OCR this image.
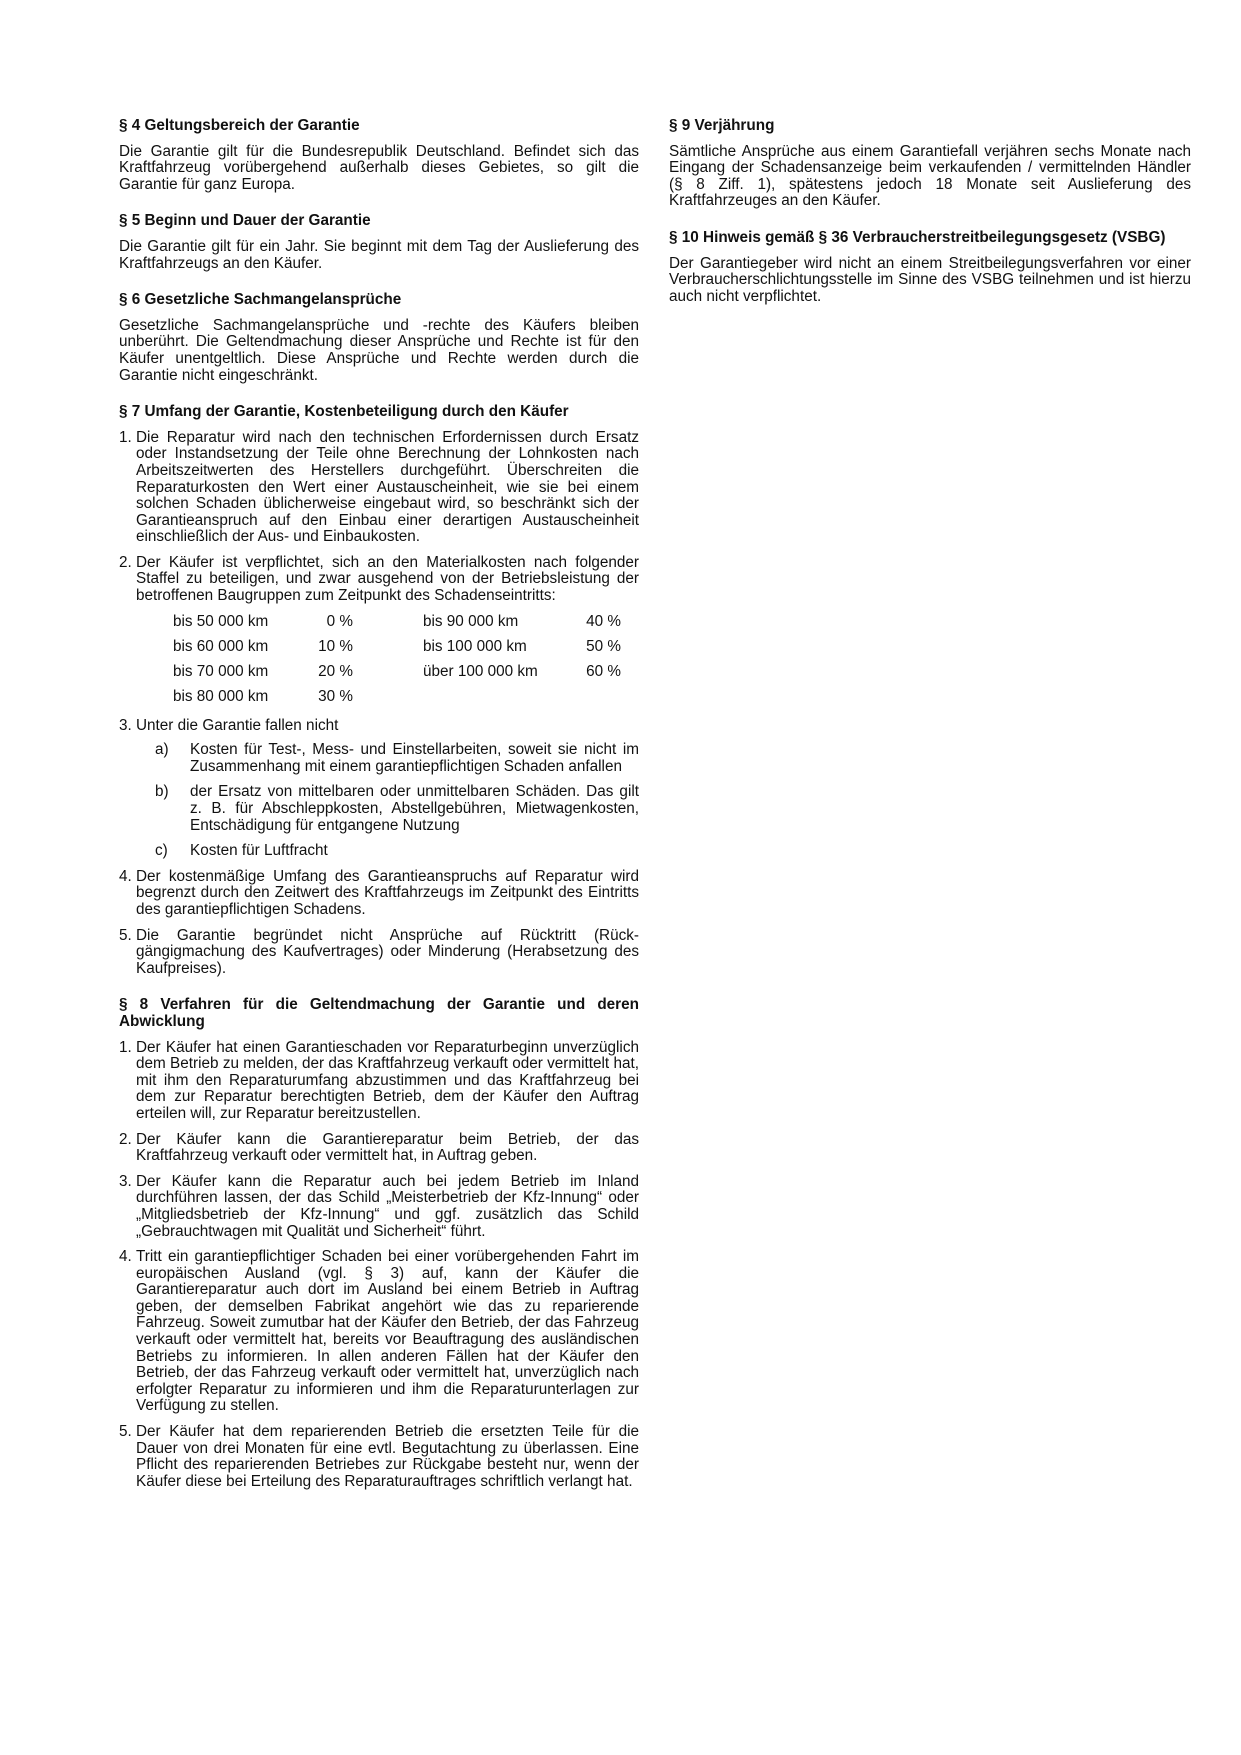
§ 4 Geltungsbereich der Garantie

Die Garantie gilt für die Bundesrepublik Deutschland. Befindet sich das Kraftfahrzeug vorübergehend außerhalb dieses Gebietes, so gilt die Garantie für ganz Europa.

§ 5 Beginn und Dauer der Garantie

Die Garantie gilt für ein Jahr. Sie beginnt mit dem Tag der Auslieferung des Kraftfahrzeugs an den Käufer.

§ 6 Gesetzliche Sachmangelansprüche

Gesetzliche Sachmangelansprüche und -rechte des Käufers bleiben unberührt. Die Geltendmachung dieser Ansprüche und Rechte ist für den Käufer unentgeltlich. Diese Ansprüche und Rechte werden durch die Garantie nicht eingeschränkt.

§ 7 Umfang der Garantie, Kostenbeteiligung durch den Käufer
1. Die Reparatur wird nach den technischen Erfordernissen durch Ersatz oder Instandsetzung der Teile ohne Berechnung der Lohnkosten nach Arbeitszeitwerten des Herstellers durchgeführt. Überschreiten die Reparaturkosten den Wert einer Austauscheinheit, wie sie bei einem solchen Schaden üblicherweise eingebaut wird, so beschränkt sich der Garantieanspruch auf den Einbau einer derartigen Austauscheinheit einschließlich der Aus- und Einbaukosten.
2. Der Käufer ist verpflichtet, sich an den Materialkosten nach folgender Staffel zu beteiligen, und zwar ausgehend von der Betriebsleistung der betroffenen Baugruppen zum Zeitpunkt des Schadenseintritts:
bis 50 000 km	0 %		bis 90 000 km	40 %
bis 60 000 km	10 %		bis 100 000 km	50 %
bis 70 000 km	20 %		über 100 000 km	60 %
bis 80 000 km	30 %			
3. Unter die Garantie fallen nicht
a) Kosten für Test-, Mess- und Einstellarbeiten, soweit sie nicht im Zusammenhang mit einem garantiepflichtigen Schaden anfallen
b) der Ersatz von mittelbaren oder unmittelbaren Schäden. Das gilt z. B. für Abschleppkosten, Abstellgebühren, Mietwagenkosten, Entschädigung für entgangene Nutzung
c) Kosten für Luftfracht
4. Der kostenmäßige Umfang des Garantieanspruchs auf Reparatur wird begrenzt durch den Zeitwert des Kraftfahrzeugs im Zeitpunkt des Eintritts des garantiepflichtigen Schadens.
5. Die Garantie begründet nicht Ansprüche auf Rücktritt (Rückgängigmachung des Kaufvertrages) oder Minderung (Herabsetzung des Kaufpreises).
§ 8 Verfahren für die Geltendmachung der Garantie und deren Abwicklung
1. Der Käufer hat einen Garantieschaden vor Reparaturbeginn unverzüglich dem Betrieb zu melden, der das Kraftfahrzeug verkauft oder vermittelt hat, mit ihm den Reparaturumfang abzustimmen und das Kraftfahrzeug bei dem zur Reparatur berechtigten Betrieb, dem der Käufer den Auftrag erteilen will, zur Reparatur bereitzustellen.
2. Der Käufer kann die Garantiereparatur beim Betrieb, der das Kraftfahrzeug verkauft oder vermittelt hat, in Auftrag geben.
3. Der Käufer kann die Reparatur auch bei jedem Betrieb im Inland durchführen lassen, der das Schild „Meisterbetrieb der Kfz-Innung“ oder „Mitgliedsbetrieb der Kfz-Innung“ und ggf. zusätzlich das Schild „Gebrauchtwagen mit Qualität und Sicherheit“ führt.
4. Tritt ein garantiepflichtiger Schaden bei einer vorübergehenden Fahrt im europäischen Ausland (vgl. § 3) auf, kann der Käufer die Garantiereparatur auch dort im Ausland bei einem Betrieb in Auftrag geben, der demselben Fabrikat angehört wie das zu reparierende Fahrzeug. Soweit zumutbar hat der Käufer den Betrieb, der das Fahrzeug verkauft oder vermittelt hat, bereits vor Beauftragung des ausländischen Betriebs zu informieren. In allen anderen Fällen hat der Käufer den Betrieb, der das Fahrzeug verkauft oder vermittelt hat, unverzüglich nach erfolgter Reparatur zu informieren und ihm die Reparaturunterlagen zur Verfügung zu stellen.
5. Der Käufer hat dem reparierenden Betrieb die ersetzten Teile für die Dauer von drei Monaten für eine evtl. Begutachtung zu überlassen. Eine Pflicht des reparierenden Betriebes zur Rückgabe besteht nur, wenn der Käufer diese bei Erteilung des Reparaturauftrages schriftlich verlangt hat.
§ 9 Verjährung

Sämtliche Ansprüche aus einem Garantiefall verjähren sechs Monate nach Eingang der Schadensanzeige beim verkaufenden / vermittelnden Händler (§ 8 Ziff. 1), spätestens jedoch 18 Monate seit Auslieferung des Kraftfahrzeuges an den Käufer.

§ 10 Hinweis gemäß § 36 Verbraucherstreitbeilegungsgesetz (VSBG)

Der Garantiegeber wird nicht an einem Streitbeilegungsverfahren vor einer Verbraucherschlichtungsstelle im Sinne des VSBG teilnehmen und ist hierzu auch nicht verpflichtet.
